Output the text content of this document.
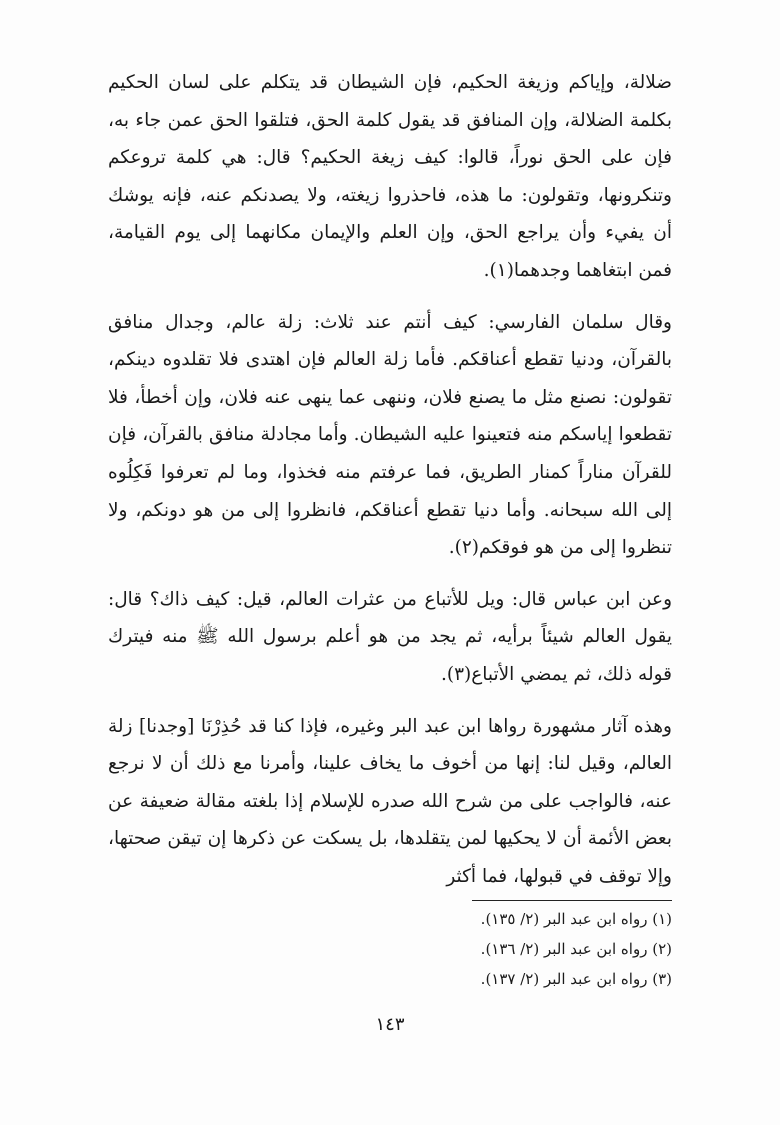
ضلالة، وإياكم وزيغة الحكيم، فإن الشيطان قد يتكلم على لسان الحكيم بكلمة الضلالة، وإن المنافق قد يقول كلمة الحق، فتلقوا الحق عمن جاء به، فإن على الحق نوراً، قالوا: كيف زيغة الحكيم؟ قال: هي كلمة تروعكم وتنكرونها، وتقولون: ما هذه، فاحذروا زيغته، ولا يصدنكم عنه، فإنه يوشك أن يفيء وأن يراجع الحق، وإن العلم والإيمان مكانهما إلى يوم القيامة، فمن ابتغاهما وجدهما(١).

وقال سلمان الفارسي: كيف أنتم عند ثلاث: زلة عالم، وجدال منافق بالقرآن، ودنيا تقطع أعناقكم. فأما زلة العالم فإن اهتدى فلا تقلدوه دينكم، تقولون: نصنع مثل ما يصنع فلان، وننهى عما ينهى عنه فلان، وإن أخطأ، فلا تقطعوا إياسكم منه فتعينوا عليه الشيطان. وأما مجادلة منافق بالقرآن، فإن للقرآن مناراً كمنار الطريق، فما عرفتم منه فخذوا، وما لم تعرفوا فَكِلُوه إلى الله سبحانه. وأما دنيا تقطع أعناقكم، فانظروا إلى من هو دونكم، ولا تنظروا إلى من هو فوقكم(٢).

وعن ابن عباس قال: ويل للأتباع من عثرات العالم، قيل: كيف ذاك؟ قال: يقول العالم شيئاً برأيه، ثم يجد من هو أعلم برسول الله ﷺ منه فيترك قوله ذلك، ثم يمضي الأتباع(٣).

وهذه آثار مشهورة رواها ابن عبد البر وغيره، فإذا كنا قد حُذِرْنَا [وجدنا] زلة العالم، وقيل لنا: إنها من أخوف ما يخاف علينا، وأمرنا مع ذلك أن لا نرجع عنه، فالواجب على من شرح الله صدره للإسلام إذا بلغته مقالة ضعيفة عن بعض الأئمة أن لا يحكيها لمن يتقلدها، بل يسكت عن ذكرها إن تيقن صحتها، وإلا توقف في قبولها، فما أكثر

(١) رواه ابن عبد البر (٢/ ١٣٥).
(٢) رواه ابن عبد البر (٢/ ١٣٦).
(٣) رواه ابن عبد البر (٢/ ١٣٧).
١٤٣
